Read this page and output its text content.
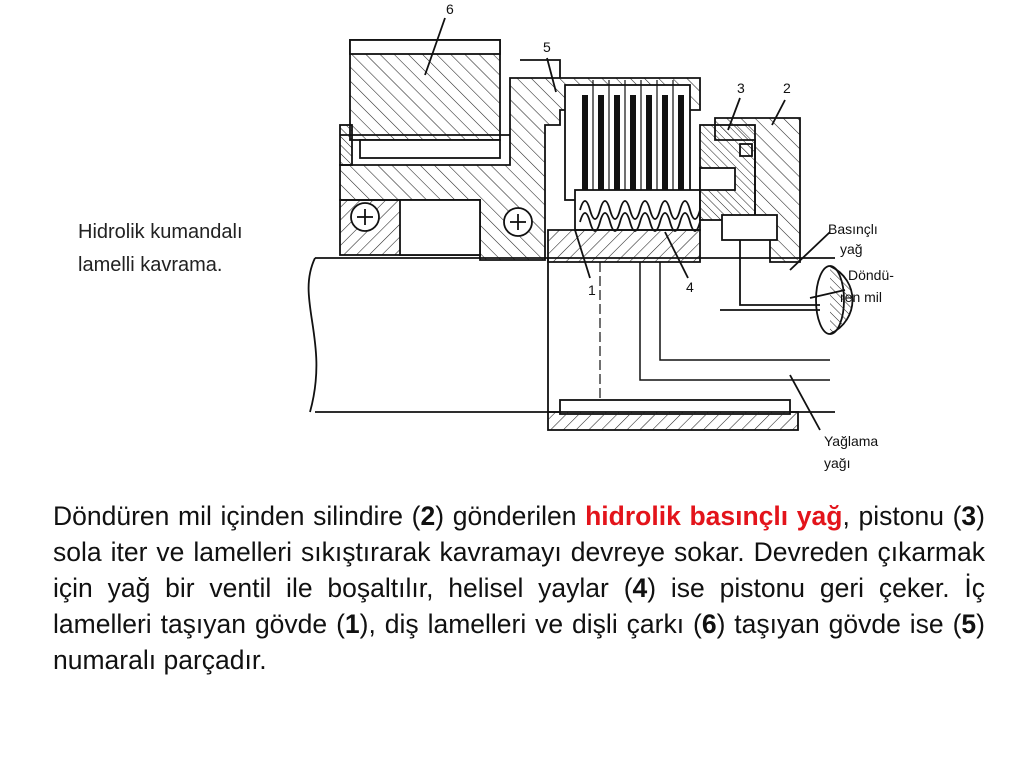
6
5
3	2
1	4
Basınçlı
yağ
Döndü-
ren mil
Yağlama
yağı
Hidrolik kumandalı
lamelli kavrama.

Döndüren mil içinden silindire (2) gönderilen hidrolik basınçlı yağ, pistonu (3) sola iter ve lamelleri sıkıştırarak kavramayı devreye sokar. Devreden çıkarmak için yağ bir ventil ile boşaltılır, helisel yaylar (4) ise pistonu geri çeker. İç lamelleri taşıyan gövde (1), diş lamelleri ve dişli çarkı (6) taşıyan gövde ise (5) numaralı parçadır.
